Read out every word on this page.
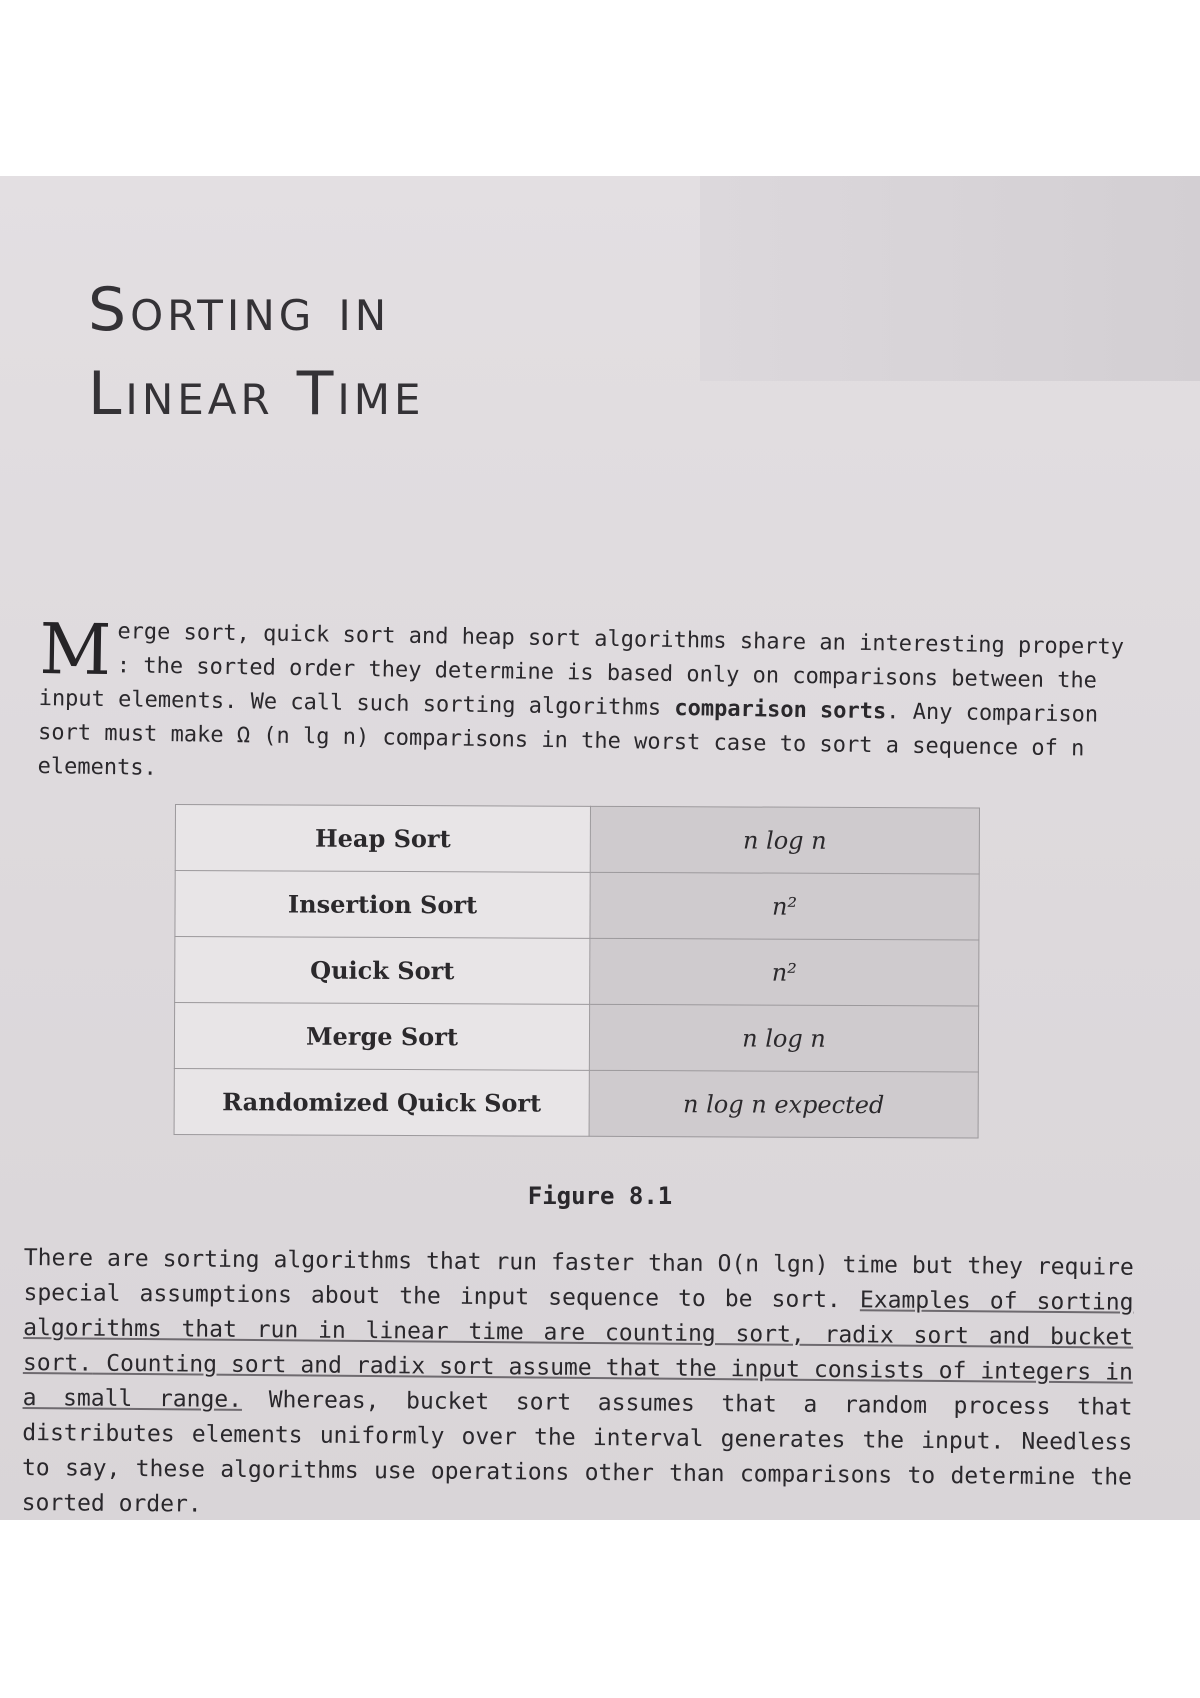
Sorting in
Linear Time
Merge sort, quick sort and heap sort algorithms share an interesting property : the sorted order they determine is based only on comparisons between the input elements. We call such sorting algorithms comparison sorts. Any comparison sort must make Ω (n lg n) comparisons in the worst case to sort a sequence of n elements.
Heap Sort	n log n
Insertion Sort	n²
Quick Sort	n²
Merge Sort	n log n
Randomized Quick Sort	n log n expected
Figure 8.1
There are sorting algorithms that run faster than O(n lgn) time but they require special assumptions about the input sequence to be sort. Examples of sorting algorithms that run in linear time are counting sort, radix sort and bucket sort. Counting sort and radix sort assume that the input consists of integers in a small range. Whereas, bucket sort assumes that a random process that distributes elements uniformly over the interval generates the input. Needless to say, these algorithms use operations other than comparisons to determine the sorted order.
